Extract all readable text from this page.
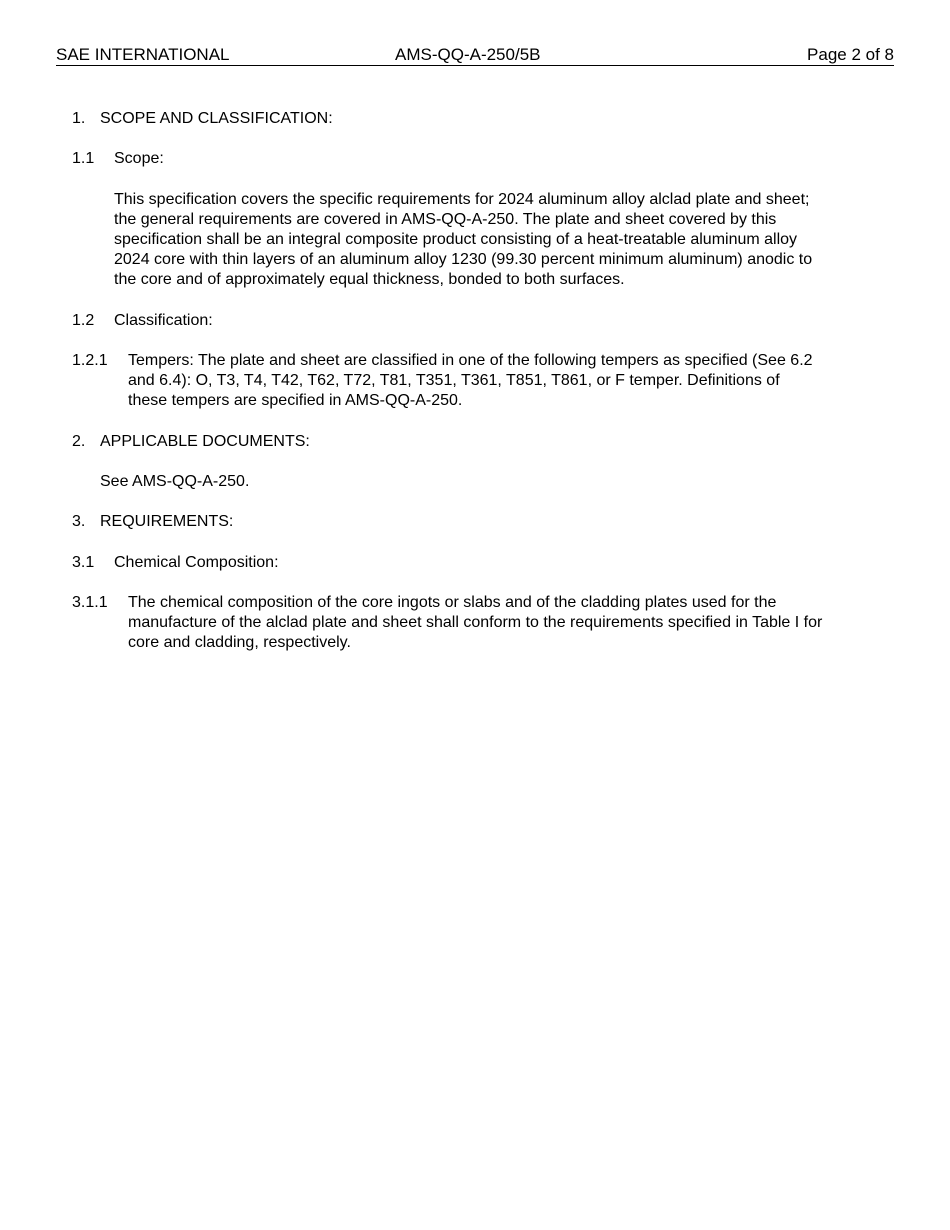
SAE INTERNATIONAL	AMS-QQ-A-250/5B	Page 2 of 8
1. SCOPE AND CLASSIFICATION:
1.1 Scope:
This specification covers the specific requirements for 2024 aluminum alloy alclad plate and sheet;
the general requirements are covered in AMS-QQ-A-250. The plate and sheet covered by this
specification shall be an integral composite product consisting of a heat-treatable aluminum alloy
2024 core with thin layers of an aluminum alloy 1230 (99.30 percent minimum aluminum) anodic to
the core and of approximately equal thickness, bonded to both surfaces.
1.2 Classification:
1.2.1 Tempers: The plate and sheet are classified in one of the following tempers as specified (See 6.2
and 6.4): O, T3, T4, T42, T62, T72, T81, T351, T361, T851, T861, or F temper. Definitions of
these tempers are specified in AMS-QQ-A-250.
2. APPLICABLE DOCUMENTS:
See AMS-QQ-A-250.
3. REQUIREMENTS:
3.1 Chemical Composition:
3.1.1 The chemical composition of the core ingots or slabs and of the cladding plates used for the
manufacture of the alclad plate and sheet shall conform to the requirements specified in Table I for
core and cladding, respectively.
